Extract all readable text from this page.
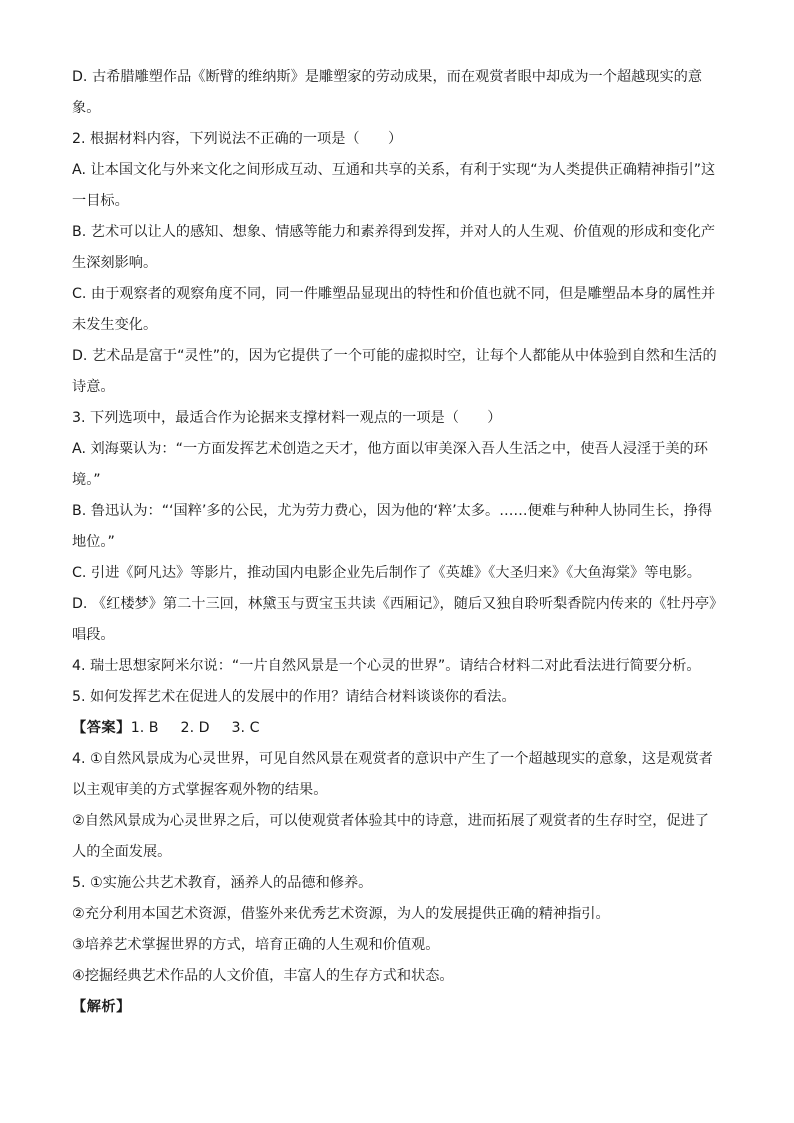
D. 古希腊雕塑作品《断臂的维纳斯》是雕塑家的劳动成果，而在观赏者眼中却成为一个超越现实的意象。

2. 根据材料内容，下列说法不正确的一项是（　　）

A. 让本国文化与外来文化之间形成互动、互通和共享的关系，有利于实现“为人类提供正确精神指引”这一目标。

B. 艺术可以让人的感知、想象、情感等能力和素养得到发挥，并对人的人生观、价值观的形成和变化产生深刻影响。

C. 由于观察者的观察角度不同，同一件雕塑品显现出的特性和价值也就不同，但是雕塑品本身的属性并未发生变化。

D. 艺术品是富于“灵性”的，因为它提供了一个可能的虚拟时空，让每个人都能从中体验到自然和生活的诗意。

3. 下列选项中，最适合作为论据来支撑材料一观点的一项是（　　）

A. 刘海粟认为：“一方面发挥艺术创造之天才，他方面以审美深入吾人生活之中，使吾人浸淫于美的环境。”

B. 鲁迅认为：“‘国粹’多的公民，尤为劳力费心，因为他的‘粹’太多。……便难与种种人协同生长，挣得地位。”

C. 引进《阿凡达》等影片，推动国内电影企业先后制作了《英雄》《大圣归来》《大鱼海棠》等电影。

D. 《红楼梦》第二十三回，林黛玉与贾宝玉共读《西厢记》，随后又独自聆听梨香院内传来的《牡丹亭》唱段。

4. 瑞士思想家阿米尔说：“一片自然风景是一个心灵的世界”。请结合材料二对此看法进行简要分析。

5. 如何发挥艺术在促进人的发展中的作用？请结合材料谈谈你的看法。

【答案】1. B 2. D 3. C

4. ①自然风景成为心灵世界，可见自然风景在观赏者的意识中产生了一个超越现实的意象，这是观赏者以主观审美的方式掌握客观外物的结果。

②自然风景成为心灵世界之后，可以使观赏者体验其中的诗意，进而拓展了观赏者的生存时空，促进了人的全面发展。

5. ①实施公共艺术教育，涵养人的品德和修养。

②充分利用本国艺术资源，借鉴外来优秀艺术资源，为人的发展提供正确的精神指引。

③培养艺术掌握世界的方式，培育正确的人生观和价值观。

④挖掘经典艺术作品的人文价值，丰富人的生存方式和状态。

【解析】
